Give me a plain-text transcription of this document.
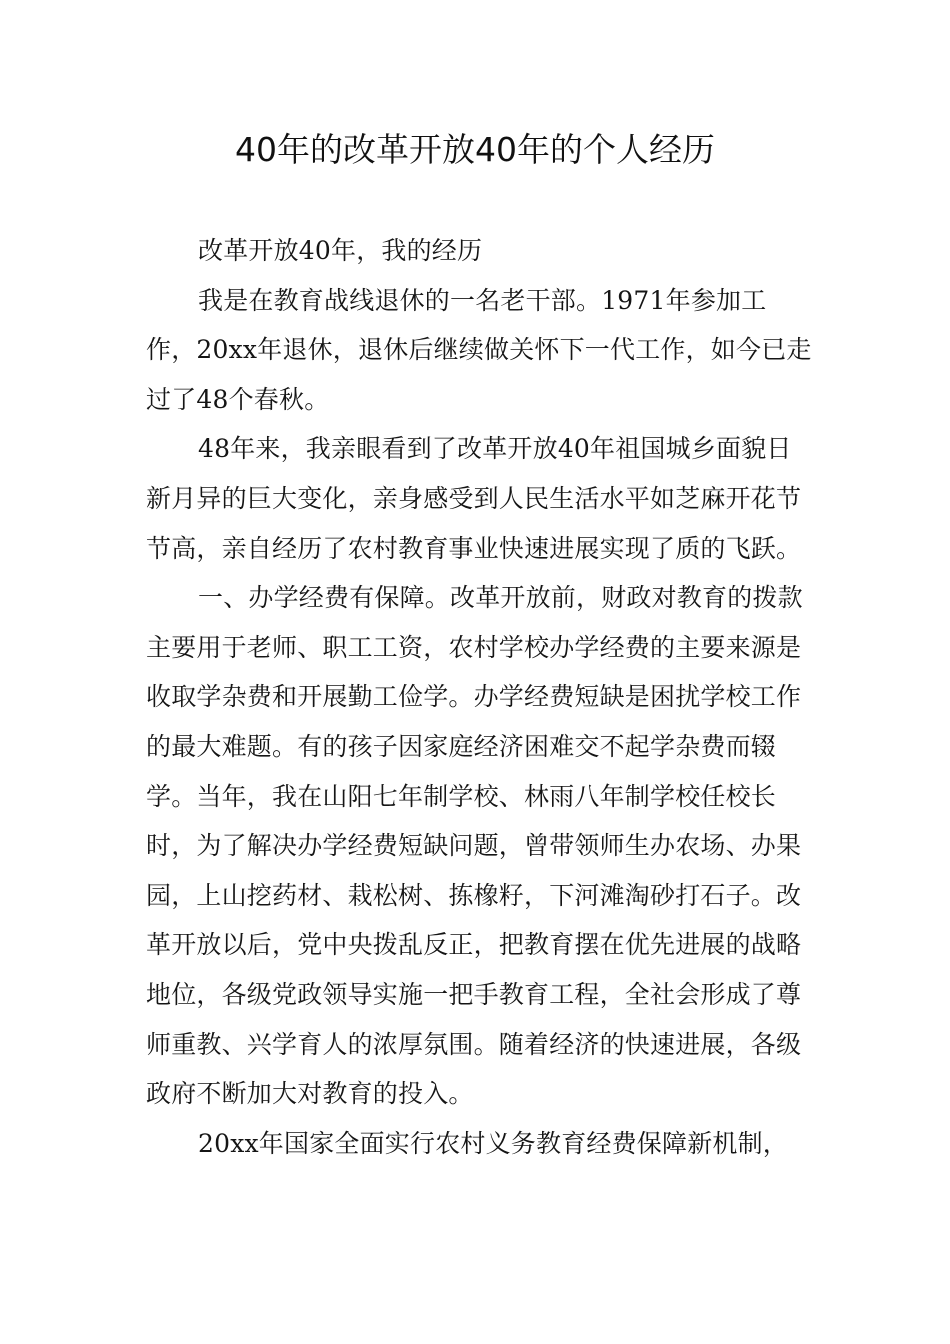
40年的改革开放40年的个人经历

改革开放40年，我的经历

我是在教育战线退休的一名老干部。1971年参加工作，20xx年退休，退休后继续做关怀下一代工作，如今已走过了48个春秋。

48年来，我亲眼看到了改革开放40年祖国城乡面貌日新月异的巨大变化，亲身感受到人民生活水平如芝麻开花节节高，亲自经历了农村教育事业快速进展实现了质的飞跃。

一、办学经费有保障。改革开放前，财政对教育的拨款主要用于老师、职工工资，农村学校办学经费的主要来源是收取学杂费和开展勤工俭学。办学经费短缺是困扰学校工作的最大难题。有的孩子因家庭经济困难交不起学杂费而辍学。当年，我在山阳七年制学校、林雨八年制学校任校长时，为了解决办学经费短缺问题，曾带领师生办农场、办果园，上山挖药材、栽松树、拣橡籽，下河滩淘砂打石子。改革开放以后，党中央拨乱反正，把教育摆在优先进展的战略地位，各级党政领导实施一把手教育工程，全社会形成了尊师重教、兴学育人的浓厚氛围。随着经济的快速进展，各级政府不断加大对教育的投入。

20xx年国家全面实行农村义务教育经费保障新机制，
